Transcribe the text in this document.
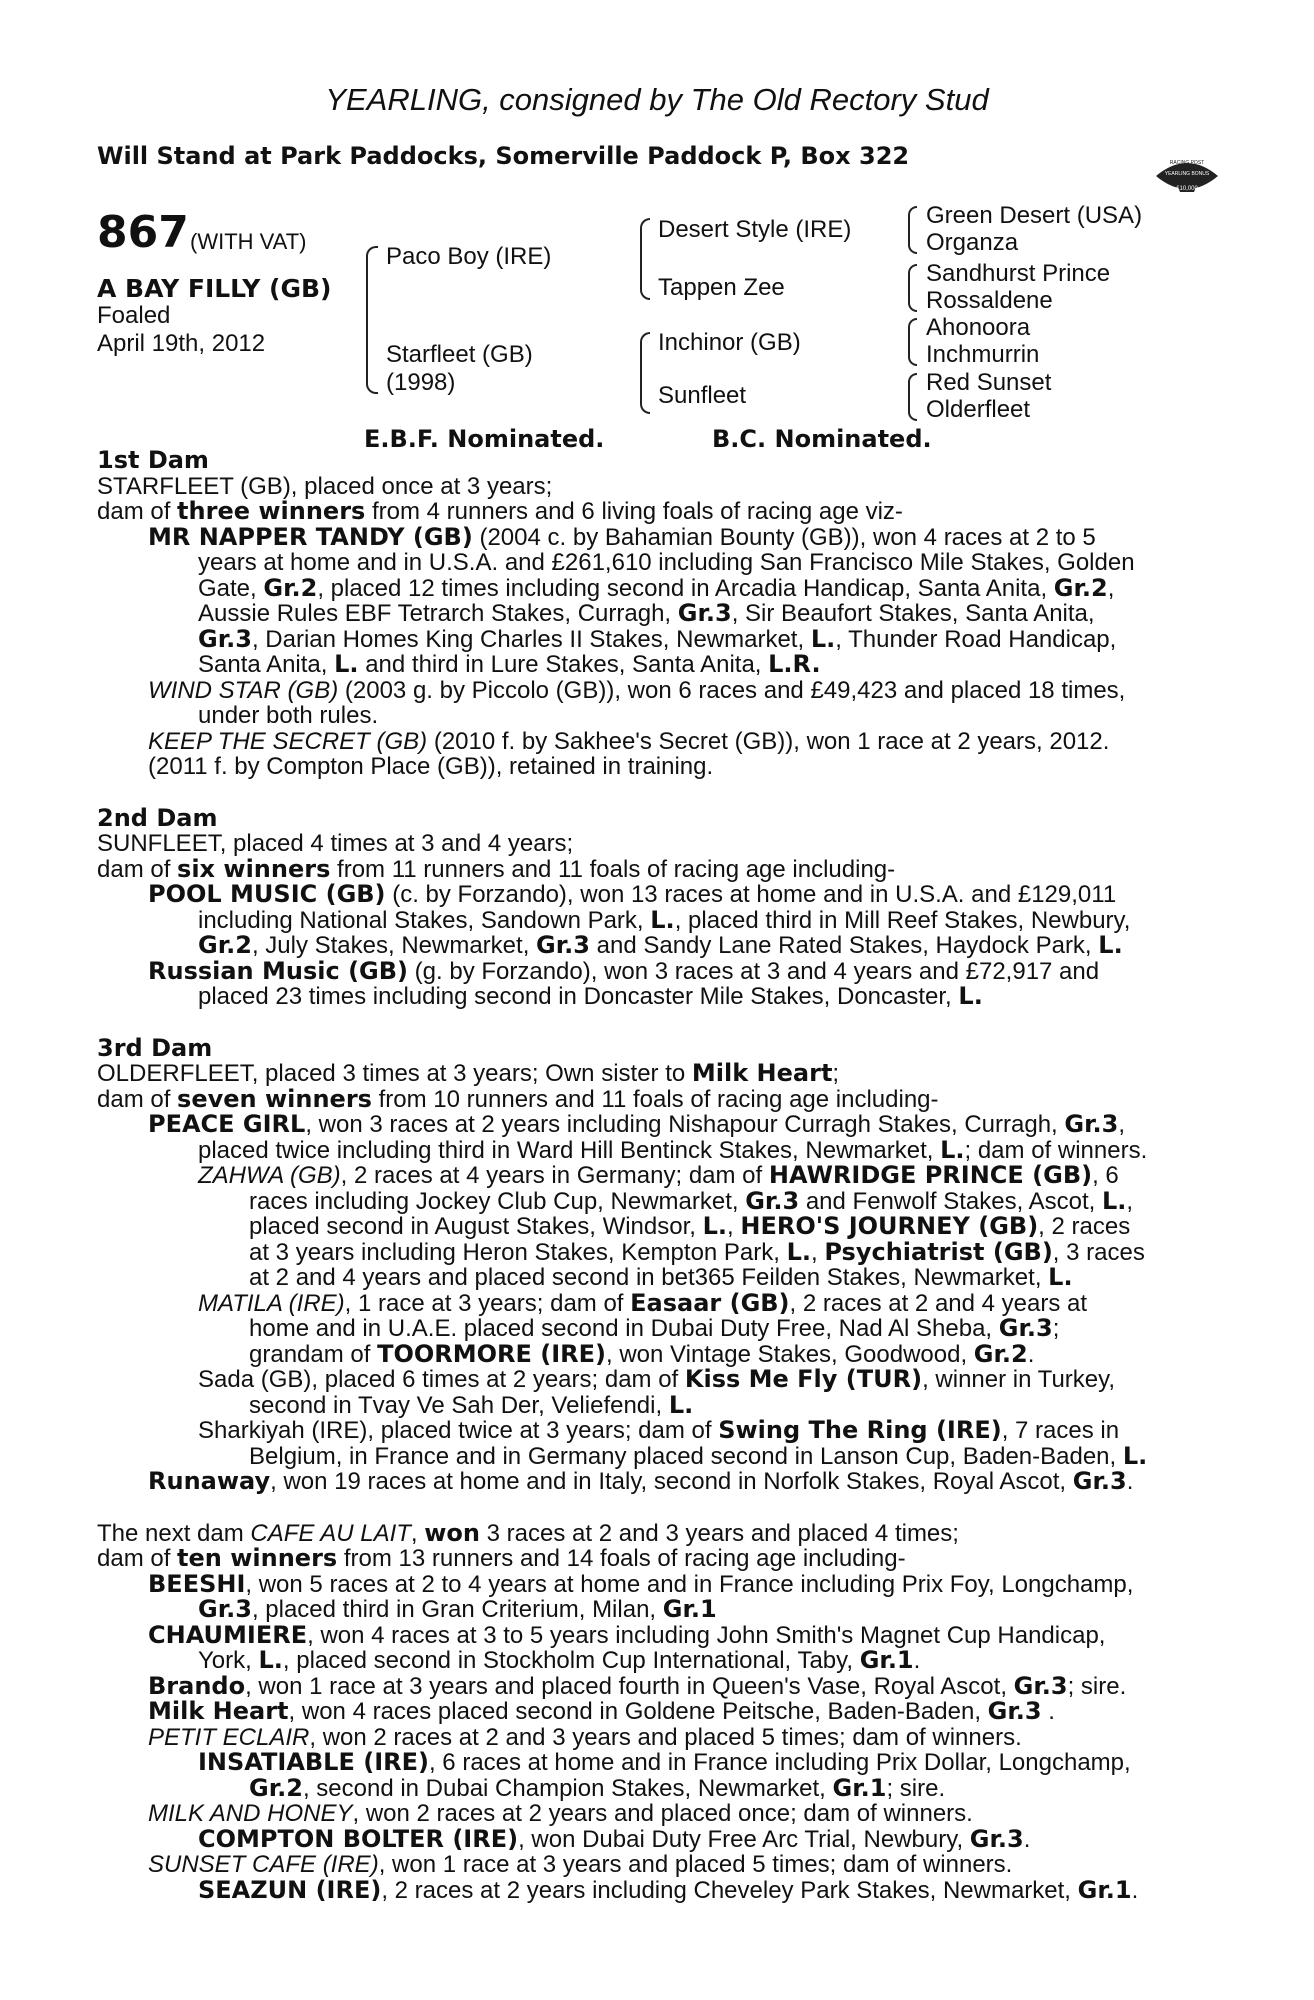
YEARLING, consigned by The Old Rectory Stud
Will Stand at Park Paddocks, Somerville Paddock P, Box 322	RACING POST
YEARLING BONUS
£10,000
867 (WITH VAT)
A BAY FILLY (GB)
Foaled
April 19th, 2012
Paco Boy (IRE)
Starfleet (GB)
(1998)
Desert Style (IRE)
Tappen Zee
Inchinor (GB)
Sunfleet
Green Desert (USA)
Organza
Sandhurst Prince
Rossaldene
Ahonoora
Inchmurrin
Red Sunset
Olderfleet
E.B.F. Nominated.	B.C. Nominated.

1st Dam

STARFLEET (GB), placed once at 3 years;

dam of three winners from 4 runners and 6 living foals of racing age viz-

MR NAPPER TANDY (GB) (2004 c. by Bahamian Bounty (GB)), won 4 races at 2 to 5

years at home and in U.S.A. and £261,610 including San Francisco Mile Stakes, Golden

Gate, Gr.2, placed 12 times including second in Arcadia Handicap, Santa Anita, Gr.2,

Aussie Rules EBF Tetrarch Stakes, Curragh, Gr.3, Sir Beaufort Stakes, Santa Anita,

Gr.3, Darian Homes King Charles II Stakes, Newmarket, L., Thunder Road Handicap,

Santa Anita, L. and third in Lure Stakes, Santa Anita, L.R.

WIND STAR (GB) (2003 g. by Piccolo (GB)), won 6 races and £49,423 and placed 18 times,

under both rules.

KEEP THE SECRET (GB) (2010 f. by Sakhee's Secret (GB)), won 1 race at 2 years, 2012.

(2011 f. by Compton Place (GB)), retained in training.

2nd Dam

SUNFLEET, placed 4 times at 3 and 4 years;

dam of six winners from 11 runners and 11 foals of racing age including-

POOL MUSIC (GB) (c. by Forzando), won 13 races at home and in U.S.A. and £129,011

including National Stakes, Sandown Park, L., placed third in Mill Reef Stakes, Newbury,

Gr.2, July Stakes, Newmarket, Gr.3 and Sandy Lane Rated Stakes, Haydock Park, L.

Russian Music (GB) (g. by Forzando), won 3 races at 3 and 4 years and £72,917 and

placed 23 times including second in Doncaster Mile Stakes, Doncaster, L.

3rd Dam

OLDERFLEET, placed 3 times at 3 years; Own sister to Milk Heart;

dam of seven winners from 10 runners and 11 foals of racing age including-

PEACE GIRL, won 3 races at 2 years including Nishapour Curragh Stakes, Curragh, Gr.3,

placed twice including third in Ward Hill Bentinck Stakes, Newmarket, L.; dam of winners.

ZAHWA (GB), 2 races at 4 years in Germany; dam of HAWRIDGE PRINCE (GB), 6

races including Jockey Club Cup, Newmarket, Gr.3 and Fenwolf Stakes, Ascot, L.,

placed second in August Stakes, Windsor, L., HERO'S JOURNEY (GB), 2 races

at 3 years including Heron Stakes, Kempton Park, L., Psychiatrist (GB), 3 races

at 2 and 4 years and placed second in bet365 Feilden Stakes, Newmarket, L.

MATILA (IRE), 1 race at 3 years; dam of Easaar (GB), 2 races at 2 and 4 years at

home and in U.A.E. placed second in Dubai Duty Free, Nad Al Sheba, Gr.3;

grandam of TOORMORE (IRE), won Vintage Stakes, Goodwood, Gr.2.

Sada (GB), placed 6 times at 2 years; dam of Kiss Me Fly (TUR), winner in Turkey,

second in Tvay Ve Sah Der, Veliefendi, L.

Sharkiyah (IRE), placed twice at 3 years; dam of Swing The Ring (IRE), 7 races in

Belgium, in France and in Germany placed second in Lanson Cup, Baden-Baden, L.

Runaway, won 19 races at home and in Italy, second in Norfolk Stakes, Royal Ascot, Gr.3.

The next dam CAFE AU LAIT, won 3 races at 2 and 3 years and placed 4 times;

dam of ten winners from 13 runners and 14 foals of racing age including-

BEESHI, won 5 races at 2 to 4 years at home and in France including Prix Foy, Longchamp,

Gr.3, placed third in Gran Criterium, Milan, Gr.1

CHAUMIERE, won 4 races at 3 to 5 years including John Smith's Magnet Cup Handicap,

York, L., placed second in Stockholm Cup International, Taby, Gr.1.

Brando, won 1 race at 3 years and placed fourth in Queen's Vase, Royal Ascot, Gr.3; sire.

Milk Heart, won 4 races placed second in Goldene Peitsche, Baden-Baden, Gr.3 .

PETIT ECLAIR, won 2 races at 2 and 3 years and placed 5 times; dam of winners.

INSATIABLE (IRE), 6 races at home and in France including Prix Dollar, Longchamp,

Gr.2, second in Dubai Champion Stakes, Newmarket, Gr.1; sire.

MILK AND HONEY, won 2 races at 2 years and placed once; dam of winners.

COMPTON BOLTER (IRE), won Dubai Duty Free Arc Trial, Newbury, Gr.3.

SUNSET CAFE (IRE), won 1 race at 3 years and placed 5 times; dam of winners.

SEAZUN (IRE), 2 races at 2 years including Cheveley Park Stakes, Newmarket, Gr.1.
